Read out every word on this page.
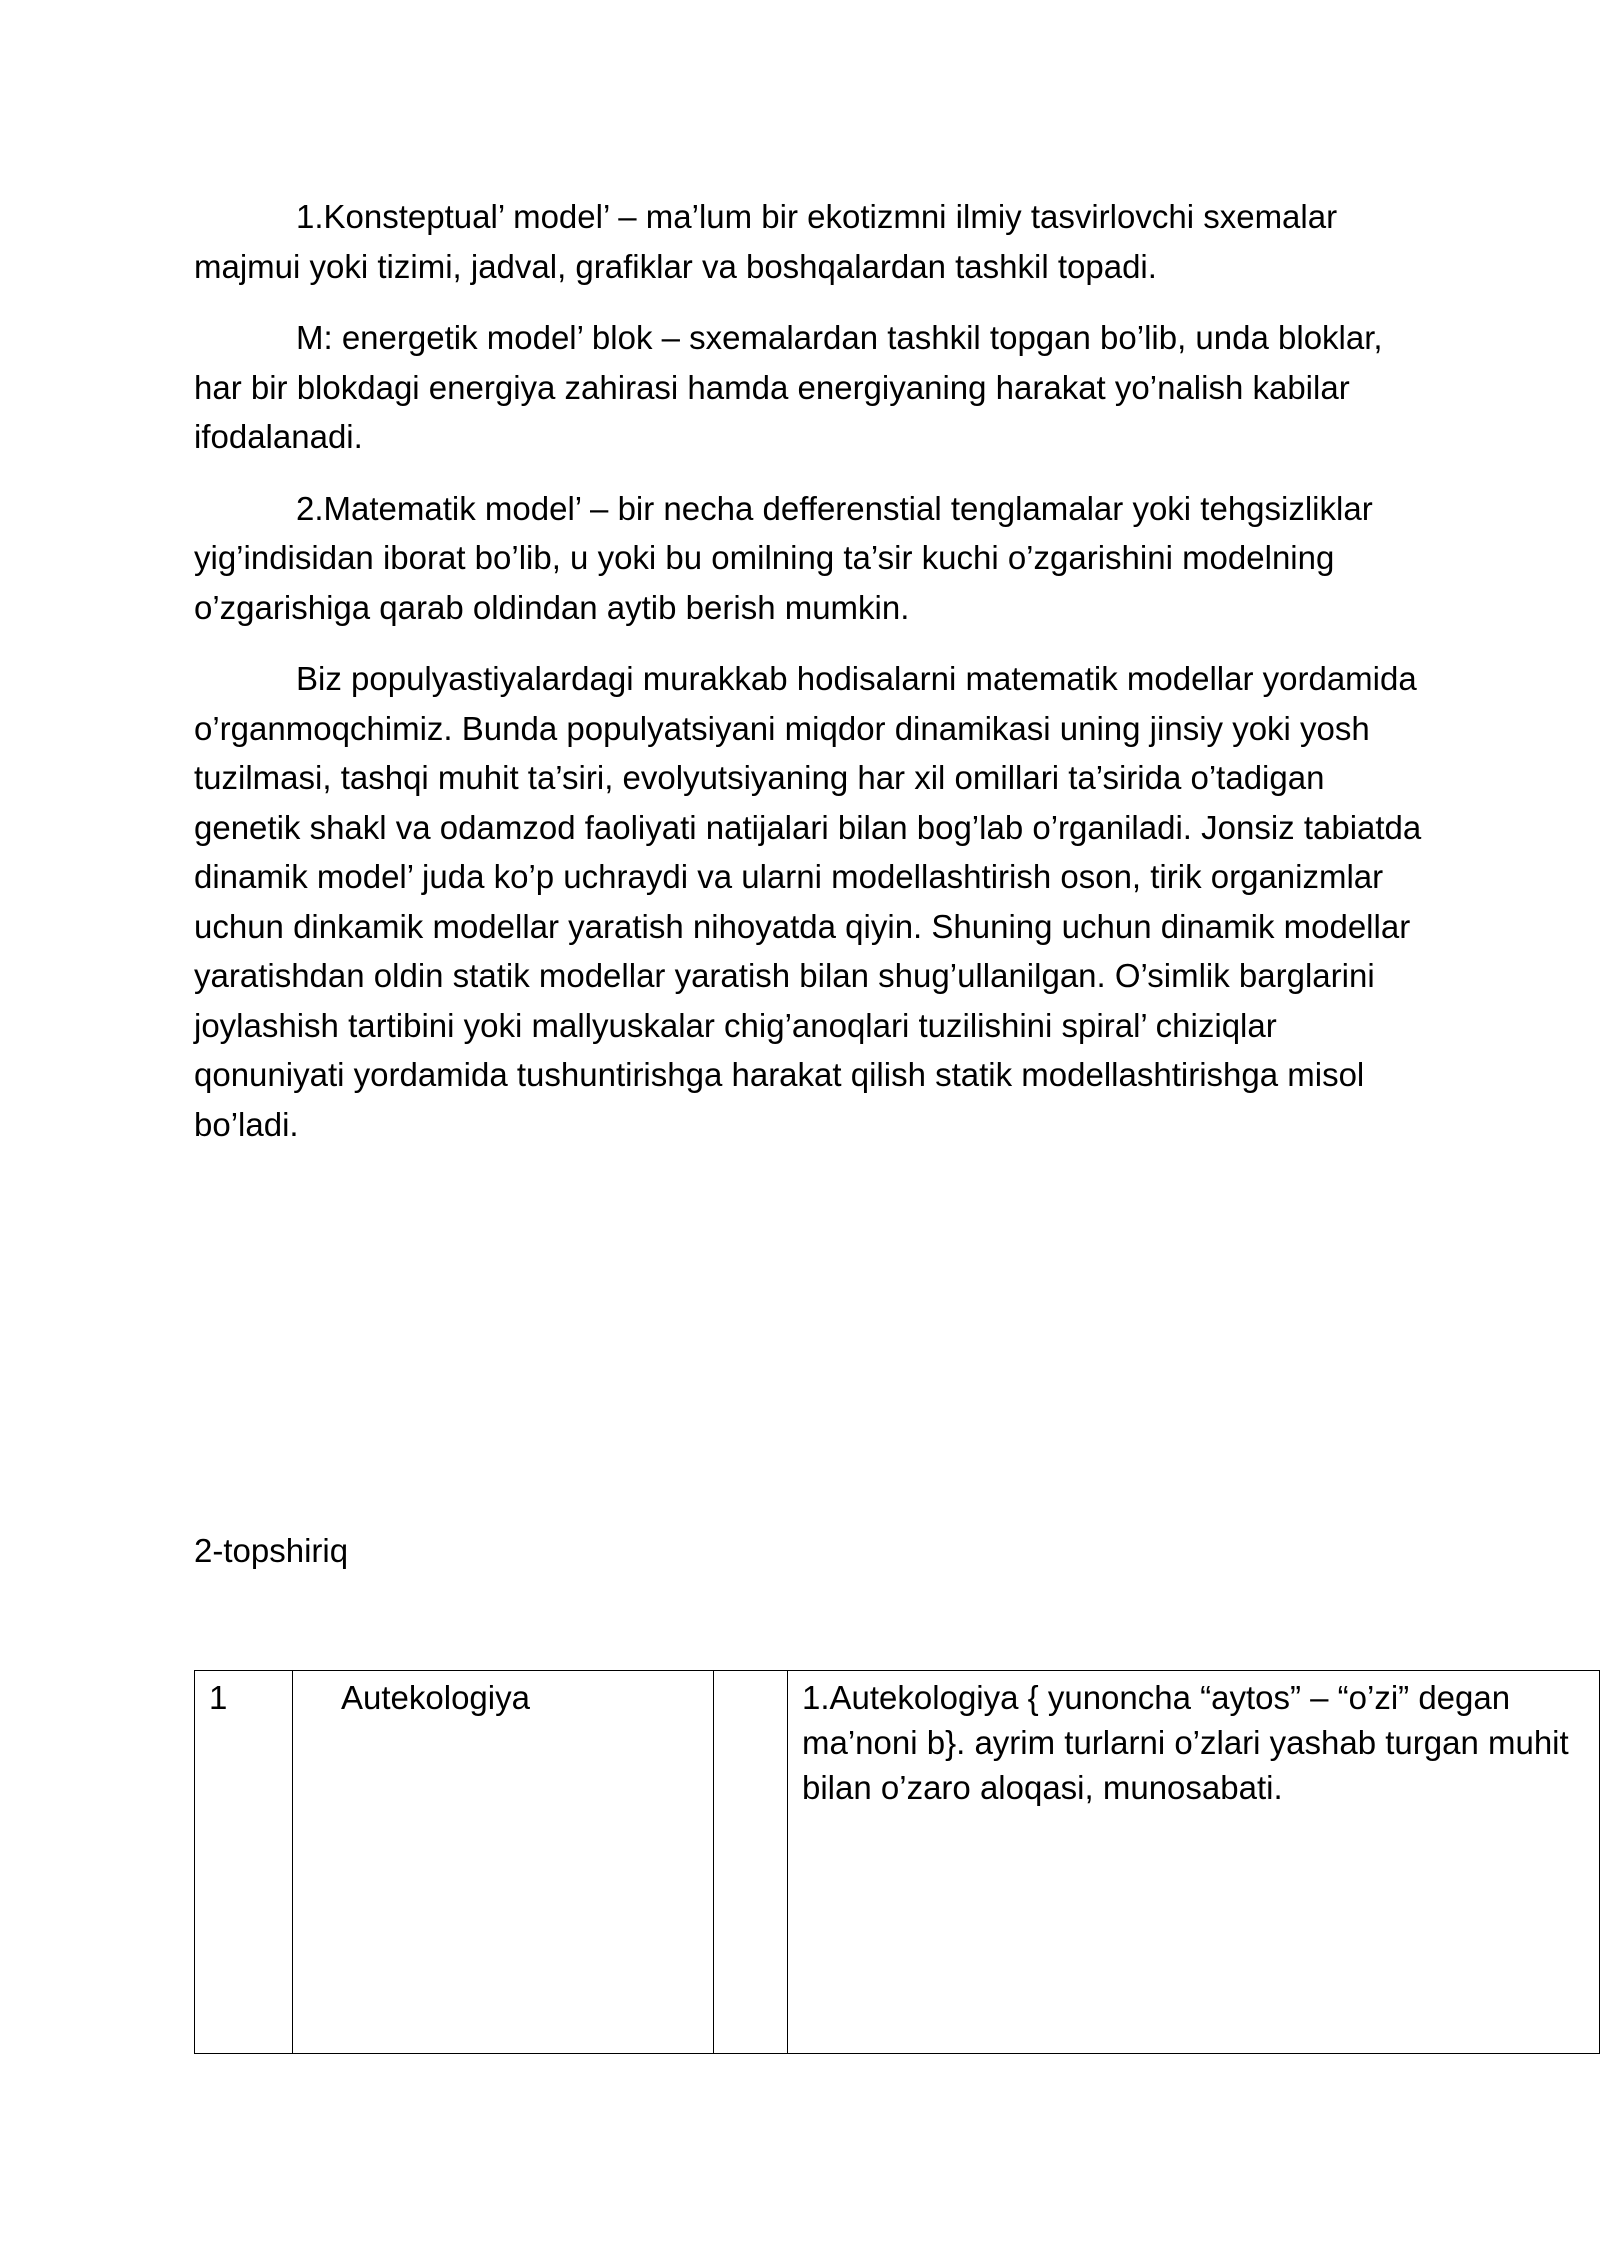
1.Konsteptual’ model’ – ma’lum bir ekotizmni ilmiy tasvirlovchi sxemalar majmui yoki tizimi, jadval, grafiklar va boshqalardan tashkil topadi.

M: energetik model’ blok – sxemalardan tashkil topgan bo’lib, unda bloklar, har bir blokdagi energiya zahirasi hamda energiyaning harakat yo’nalish kabilar ifodalanadi.

2.Matematik model’ – bir necha defferenstial tenglamalar yoki tehgsizliklar yig’indisidan iborat bo’lib, u yoki bu omilning ta’sir kuchi o’zgarishini modelning o’zgarishiga qarab oldindan aytib berish mumkin.

Biz populyastiyalardagi murakkab hodisalarni matematik modellar yordamida o’rganmoqchimiz. Bunda populyatsiyani miqdor dinamikasi uning jinsiy yoki yosh tuzilmasi, tashqi muhit ta’siri, evolyutsiyaning har xil omillari ta’sirida o’tadigan genetik shakl va odamzod faoliyati natijalari bilan bog’lab o’rganiladi. Jonsiz tabiatda dinamik model’ juda ko’p uchraydi va ularni modellashtirish oson, tirik organizmlar uchun dinkamik modellar yaratish nihoyatda qiyin. Shuning uchun dinamik modellar yaratishdan oldin statik modellar yaratish bilan shug’ullanilgan. O’simlik barglarini joylashish tartibini yoki mallyuskalar chig’anoqlari tuzilishini spiral’ chiziqlar qonuniyati yordamida tushuntirishga harakat qilish statik modellashtirishga misol bo’ladi.

2-topshiriq

1	Autekologiya		1.Autekologiya { yunoncha “aytos” – “o’zi” degan ma’noni b}. ayrim turlarni o’zlari yashab turgan muhit bilan o’zaro aloqasi, munosabati.
